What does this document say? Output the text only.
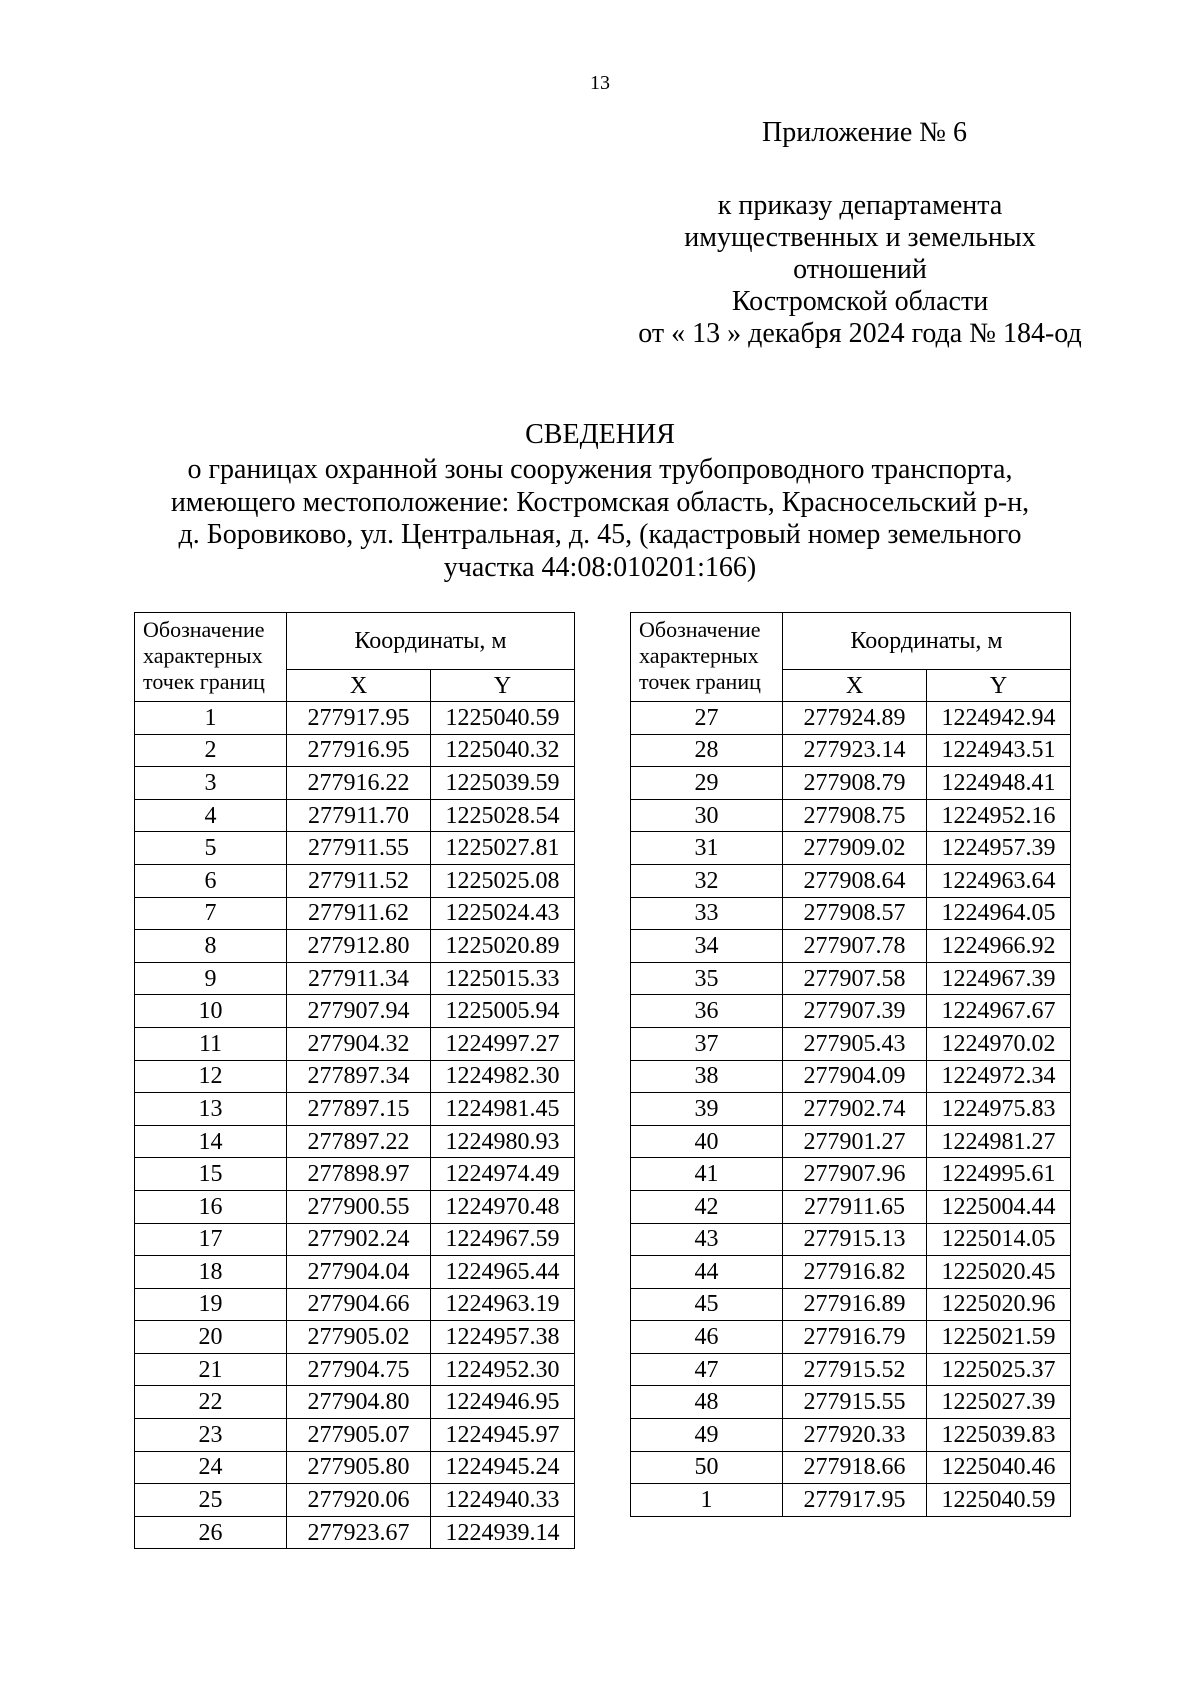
13
Приложение № 6
к приказу департамента
имущественных и земельных
отношений
Костромской области
от « 13 » декабря 2024 года № 184-од
СВЕДЕНИЯ
о границах охранной зоны сооружения трубопроводного транспорта,
имеющего местоположение: Костромская область, Красносельский р-н,
д. Боровиково, ул. Центральная, д. 45, (кадастровый номер земельного
участка 44:08:010201:166)
Обозначение характерных точек границ	Координаты, м	
	X	Y
1	277917.95	1225040.59
2	277916.95	1225040.32
3	277916.22	1225039.59
4	277911.70	1225028.54
5	277911.55	1225027.81
6	277911.52	1225025.08
7	277911.62	1225024.43
8	277912.80	1225020.89
9	277911.34	1225015.33
10	277907.94	1225005.94
11	277904.32	1224997.27
12	277897.34	1224982.30
13	277897.15	1224981.45
14	277897.22	1224980.93
15	277898.97	1224974.49
16	277900.55	1224970.48
17	277902.24	1224967.59
18	277904.04	1224965.44
19	277904.66	1224963.19
20	277905.02	1224957.38
21	277904.75	1224952.30
22	277904.80	1224946.95
23	277905.07	1224945.97
24	277905.80	1224945.24
25	277920.06	1224940.33
26	277923.67	1224939.14
Обозначение характерных точек границ	Координаты, м	
	X	Y
27	277924.89	1224942.94
28	277923.14	1224943.51
29	277908.79	1224948.41
30	277908.75	1224952.16
31	277909.02	1224957.39
32	277908.64	1224963.64
33	277908.57	1224964.05
34	277907.78	1224966.92
35	277907.58	1224967.39
36	277907.39	1224967.67
37	277905.43	1224970.02
38	277904.09	1224972.34
39	277902.74	1224975.83
40	277901.27	1224981.27
41	277907.96	1224995.61
42	277911.65	1225004.44
43	277915.13	1225014.05
44	277916.82	1225020.45
45	277916.89	1225020.96
46	277916.79	1225021.59
47	277915.52	1225025.37
48	277915.55	1225027.39
49	277920.33	1225039.83
50	277918.66	1225040.46
1	277917.95	1225040.59
